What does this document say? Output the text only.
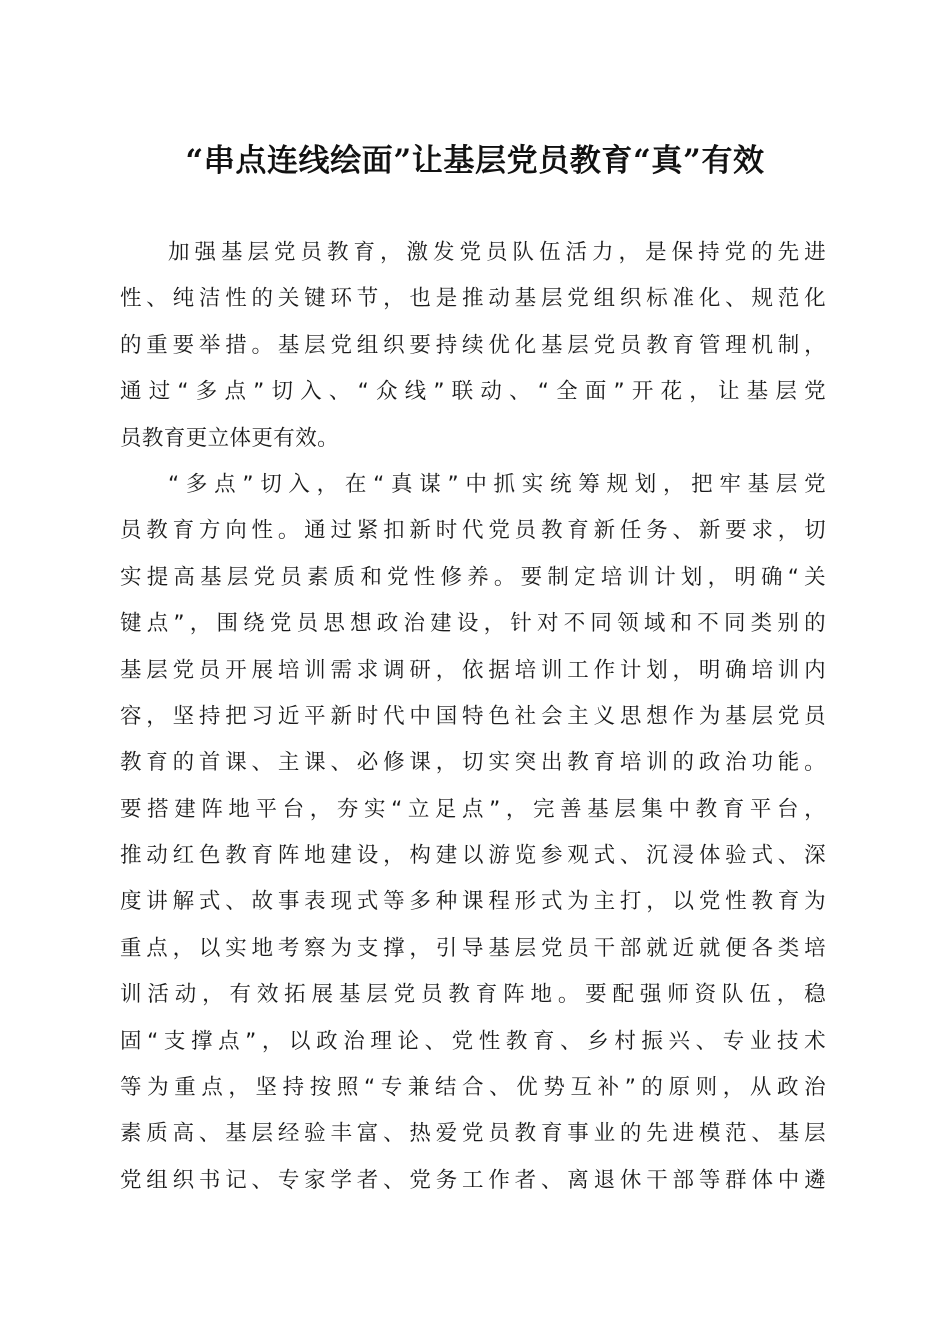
“串点连线绘面”让基层党员教育“真”有效

加强基层党员教育，激发党员队伍活力，是保持党的先进

性、纯洁性的关键环节，也是推动基层党组织标准化、规范化

的重要举措。基层党组织要持续优化基层党员教育管理机制，

通过“多点”切入、“众线”联动、“全面”开花，让基层党

员教育更立体更有效。

“多点”切入，在“真谋”中抓实统筹规划，把牢基层党

员教育方向性。通过紧扣新时代党员教育新任务、新要求，切

实提高基层党员素质和党性修养。要制定培训计划，明确“关

键点”，围绕党员思想政治建设，针对不同领域和不同类别的

基层党员开展培训需求调研，依据培训工作计划，明确培训内

容，坚持把习近平新时代中国特色社会主义思想作为基层党员

教育的首课、主课、必修课，切实突出教育培训的政治功能。

要搭建阵地平台，夯实“立足点”，完善基层集中教育平台，

推动红色教育阵地建设，构建以游览参观式、沉浸体验式、深

度讲解式、故事表现式等多种课程形式为主打，以党性教育为

重点，以实地考察为支撑，引导基层党员干部就近就便各类培

训活动，有效拓展基层党员教育阵地。要配强师资队伍，稳

固“支撑点”，以政治理论、党性教育、乡村振兴、专业技术

等为重点，坚持按照“专兼结合、优势互补”的原则，从政治

素质高、基层经验丰富、热爱党员教育事业的先进模范、基层

党组织书记、专家学者、党务工作者、离退休干部等群体中遴
